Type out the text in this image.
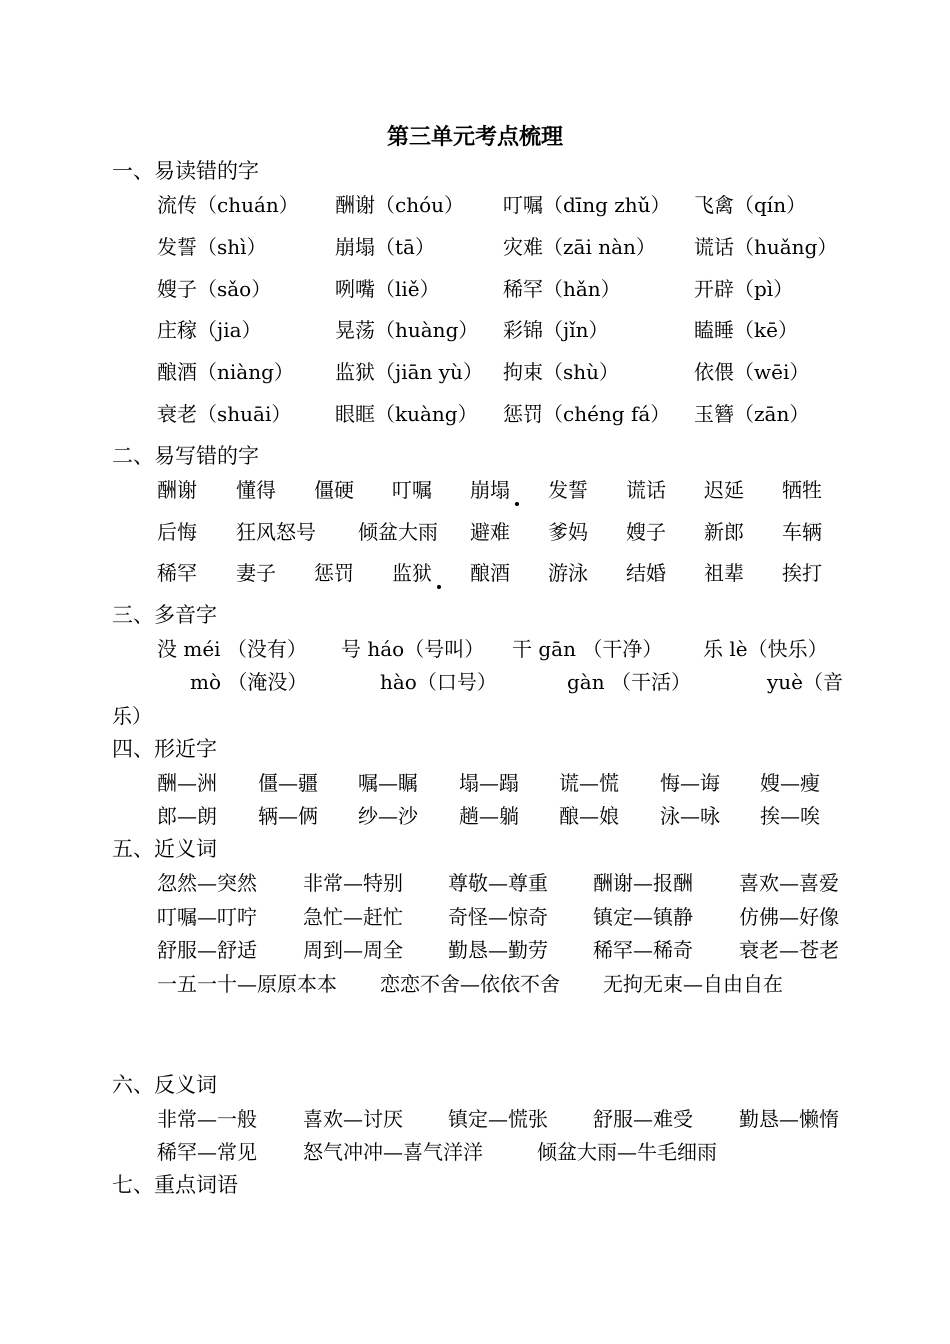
第三单元考点梳理
一、易读错的字
流传（chuán） 酬谢（chóu） 叮嘱（dīng zhǔ） 飞禽（qín）
发誓（shì）	崩塌（tā）	灾难（zāi nàn） 谎话（huǎng）
嫂子（sǎo）	咧嘴（liě）	稀罕（hǎn）	开辟（pì）
庄稼（jia）	晃荡（huàng） 彩锦（jǐn）	瞌睡（kē）
酿酒（niàng） 监狱（jiān yù） 拘束（shù）	依偎（wēi）
衰老（shuāi） 眼眶（kuàng） 惩罚（chéng fá） 玉簪（zān）
二、易写错的字
酬谢 懂得 僵硬 叮嘱 崩塌 发誓 谎话 迟延 牺牲
后悔 狂风怒号 倾盆大雨 避难 爹妈 嫂子 新郎 车辆
稀罕 妻子 惩罚 监狱 酿酒 游泳 结婚 祖辈 挨打
三、多音字
没 méi （没有） 号 háo（号叫） 干 gān （干净） 乐 lè（快乐）
mò （淹没）	hào（口号）	gàn （干活）	yuè（音
乐）
四、形近字
酬—洲 僵—疆 嘱—瞩 塌—蹋 谎—慌 悔—诲 嫂—瘦
郎—朗 辆—俩 纱—沙 趟—躺 酿—娘 泳—咏 挨—唉
五、近义词
忽然—突然 非常—特别 尊敬—尊重 酬谢—报酬 喜欢—喜爱
叮嘱—叮咛 急忙—赶忙 奇怪—惊奇 镇定—镇静 仿佛—好像
舒服—舒适 周到—周全 勤恳—勤劳 稀罕—稀奇 衰老—苍老
一五一十—原原本本 恋恋不舍—依依不舍 无拘无束—自由自在
六、反义词
非常—一般 喜欢—讨厌 镇定—慌张 舒服—难受 勤恳—懒惰
稀罕—常见 怒气冲冲—喜气洋洋	倾盆大雨—牛毛细雨
七、重点词语
